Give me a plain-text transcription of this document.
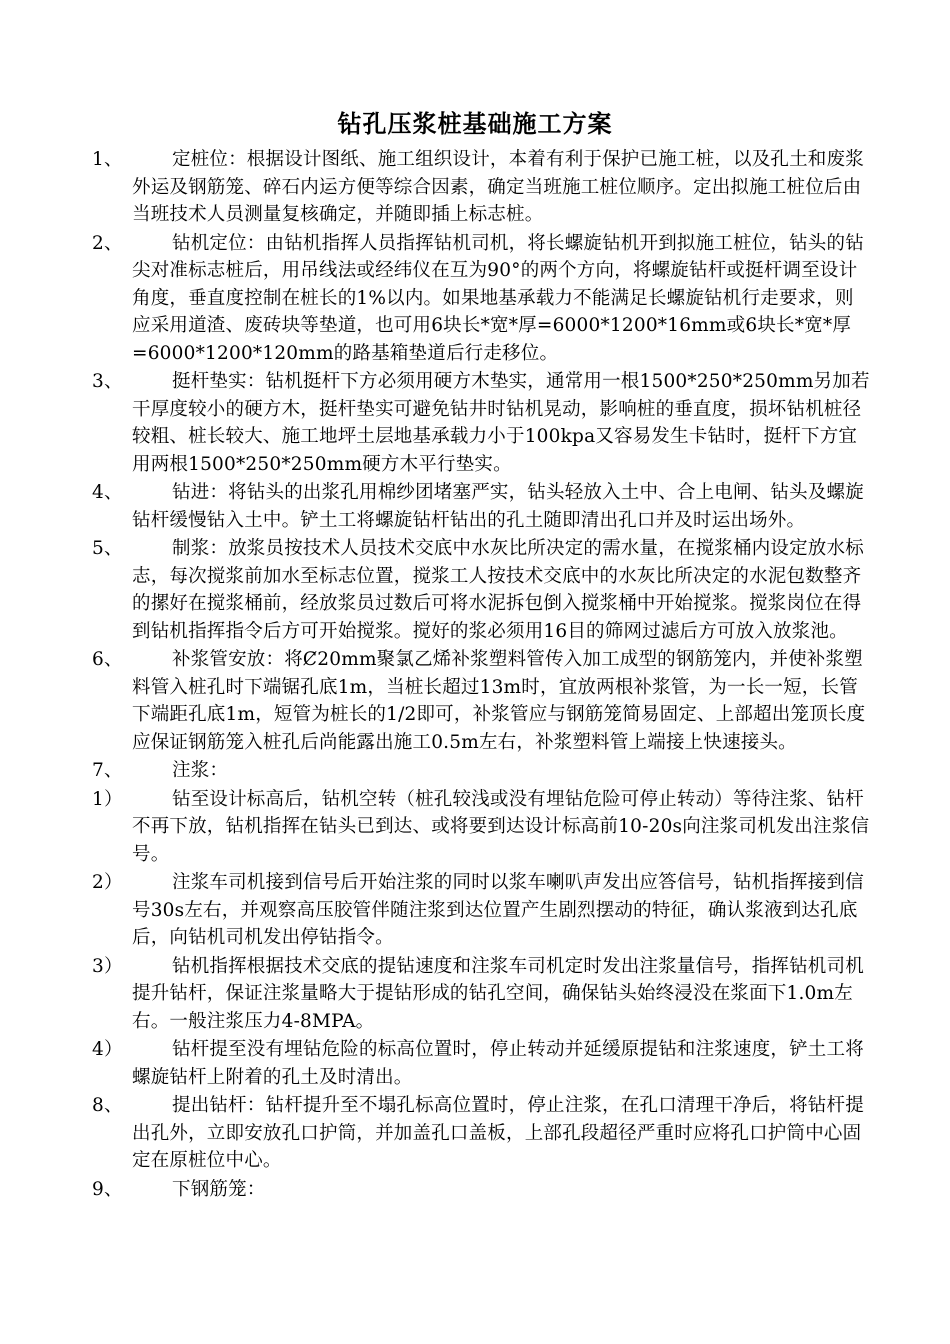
钻孔压浆桩基础施工方案

1、	定桩位：根据设计图纸、施工组织设计，本着有利于保护已施工桩，以及孔土和废浆外运及钢筋笼、碎石内运方便等综合因素，确定当班施工桩位顺序。定出拟施工桩位后由当班技术人员测量复核确定，并随即插上标志桩。

2、	钻机定位：由钻机指挥人员指挥钻机司机，将长螺旋钻机开到拟施工桩位，钻头的钻尖对准标志桩后，用吊线法或经纬仪在互为90°的两个方向，将螺旋钻杆或挺杆调至设计角度，垂直度控制在桩长的1%以内。如果地基承载力不能满足长螺旋钻机行走要求，则应采用道渣、废砖块等垫道，也可用6块长*宽*厚=6000*1200*16mm或6块长*宽*厚=6000*1200*120mm的路基箱垫道后行走移位。

3、	挺杆垫实：钻机挺杆下方必须用硬方木垫实，通常用一根1500*250*250mm另加若干厚度较小的硬方木，挺杆垫实可避免钻井时钻机晃动，影响桩的垂直度，损坏钻机桩径较粗、桩长较大、施工地坪土层地基承载力小于100kpa又容易发生卡钻时，挺杆下方宜用两根1500*250*250mm硬方木平行垫实。

4、	钻进：将钻头的出浆孔用棉纱团堵塞严实，钻头轻放入土中、合上电闸、钻头及螺旋钻杆缓慢钻入土中。铲土工将螺旋钻杆钻出的孔土随即清出孔口并及时运出场外。

5、	制浆：放浆员按技术人员技术交底中水灰比所决定的需水量，在搅浆桶内设定放水标志，每次搅浆前加水至标志位置，搅浆工人按技术交底中的水灰比所决定的水泥包数整齐的摞好在搅浆桶前，经放浆员过数后可将水泥拆包倒入搅浆桶中开始搅浆。搅浆岗位在得到钻机指挥指令后方可开始搅浆。搅好的浆必须用16目的筛网过滤后方可放入放浆池。

6、	补浆管安放：将Ȼ20mm聚氯乙烯补浆塑料管传入加工成型的钢筋笼内，并使补浆塑料管入桩孔时下端锯孔底1m，当桩长超过13m时，宜放两根补浆管，为一长一短，长管下端距孔底1m，短管为桩长的1/2即可，补浆管应与钢筋笼简易固定、上部超出笼顶长度应保证钢筋笼入桩孔后尚能露出施工0.5m左右，补浆塑料管上端接上快速接头。

7、	注浆：

1）	钻至设计标高后，钻机空转（桩孔较浅或没有埋钻危险可停止转动）等待注浆、钻杆不再下放，钻机指挥在钻头已到达、或将要到达设计标高前10-20s向注浆司机发出注浆信号。

2）	注浆车司机接到信号后开始注浆的同时以浆车喇叭声发出应答信号，钻机指挥接到信号30s左右，并观察高压胶管伴随注浆到达位置产生剧烈摆动的特征，确认浆液到达孔底后，向钻机司机发出停钻指令。

3）	钻机指挥根据技术交底的提钻速度和注浆车司机定时发出注浆量信号，指挥钻机司机提升钻杆，保证注浆量略大于提钻形成的钻孔空间，确保钻头始终浸没在浆面下1.0m左右。一般注浆压力4-8MPA。

4）	钻杆提至没有埋钻危险的标高位置时，停止转动并延缓原提钻和注浆速度，铲土工将螺旋钻杆上附着的孔土及时清出。

8、	提出钻杆：钻杆提升至不塌孔标高位置时，停止注浆，在孔口清理干净后，将钻杆提出孔外，立即安放孔口护筒，并加盖孔口盖板，上部孔段超径严重时应将孔口护筒中心固定在原桩位中心。

9、	下钢筋笼：
